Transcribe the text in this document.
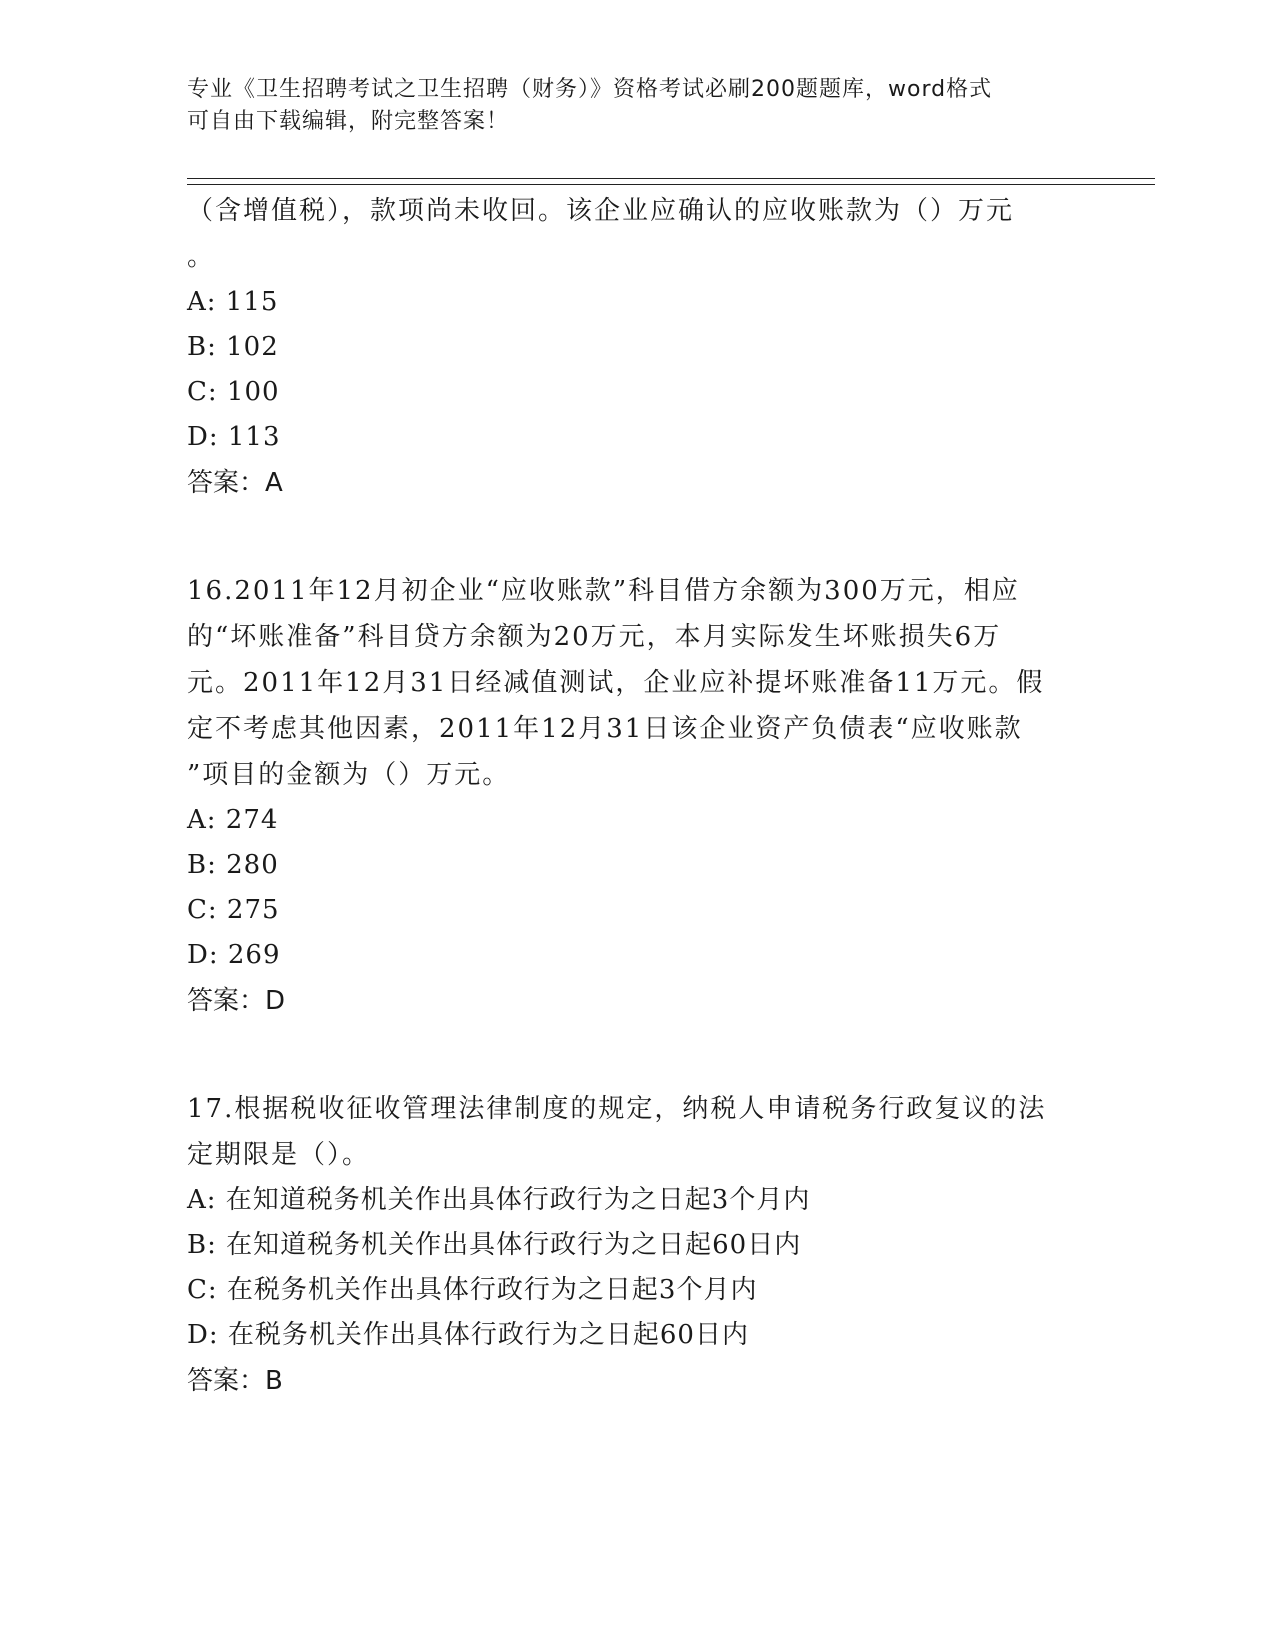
专业《卫生招聘考试之卫生招聘（财务）》资格考试必刷200题题库，word格式
可自由下载编辑，附完整答案！
（含增值税），款项尚未收回。该企业应确认的应收账款为（）万元
。
A: 115
B: 102
C: 100
D: 113
答案：A
16.2011年12月初企业“应收账款”科目借方余额为300万元，相应
的“坏账准备”科目贷方余额为20万元，本月实际发生坏账损失6万
元。2011年12月31日经减值测试，企业应补提坏账准备11万元。假
定不考虑其他因素，2011年12月31日该企业资产负债表“应收账款
”项目的金额为（）万元。
A: 274
B: 280
C: 275
D: 269
答案：D
17.根据税收征收管理法律制度的规定，纳税人申请税务行政复议的法
定期限是（）。
A: 在知道税务机关作出具体行政行为之日起3个月内
B: 在知道税务机关作出具体行政行为之日起60日内
C: 在税务机关作出具体行政行为之日起3个月内
D: 在税务机关作出具体行政行为之日起60日内
答案：B
